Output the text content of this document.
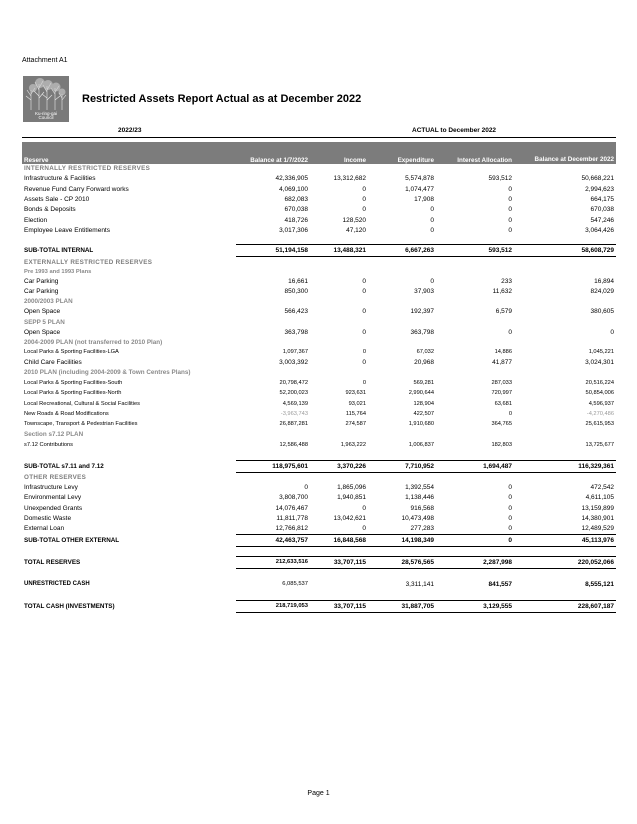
Attachment A1
Ku-ring-gai
Council
Restricted Assets Report Actual as at December 2022
2022/23	ACTUAL to December 2022
Reserve	Balance at 1/7/2022	Income	Expenditure	Interest Allocation	Balance at December 2022
INTERNALLY RESTRICTED RESERVES					
Infrastructure & Facilities	42,336,905	13,312,682	5,574,878	593,512	50,668,221
Revenue Fund Carry Forward works	4,069,100	0	1,074,477	0	2,994,623
Assets Sale - CP 2010	682,083	0	17,908	0	664,175
Bonds & Deposits	670,038	0	0	0	670,038
Election	418,726	128,520	0	0	547,246
Employee Leave Entitlements	3,017,306	47,120	0	0	3,064,426

SUB-TOTAL INTERNAL	51,194,158	13,488,321	6,667,263	593,512	58,608,729
EXTERNALLY RESTRICTED RESERVES					
Pre 1993 and 1993 Plans					
Car Parking	16,661	0	0	233	16,894
Car Parking	850,300	0	37,903	11,632	824,029
2000/2003 PLAN					
Open Space	566,423	0	192,397	6,579	380,605
SEPP 5 PLAN					
Open Space	363,798	0	363,798	0	0
2004-2009 PLAN (not transferred to 2010 Plan)					
Local Parks & Sporting Facilities-LGA	1,097,367	0	67,032	14,886	1,045,221
Child Care Facilities	3,003,392	0	20,968	41,877	3,024,301
2010 PLAN (including 2004-2009 & Town Centres Plans)					
Local Parks & Sporting Facilities-South	20,798,472	0	569,281	287,033	20,516,224
Local Parks & Sporting Facilities-North	52,200,023	923,631	2,990,644	720,997	50,854,006
Local Recreational, Cultural & Social Facilities	4,569,139	93,021	128,904	63,681	4,596,937
New Roads & Road Modifications	-3,963,743	115,764	422,507	0	-4,270,486
Townscape, Transport & Pedestrian Facilities	26,887,281	274,587	1,910,680	364,765	25,615,953
Section s7.12 PLAN					
s7.12 Contributions	12,586,488	1,963,222	1,006,837	182,803	13,725,677

SUB-TOTAL s7.11 and 7.12	118,975,601	3,370,226	7,710,952	1,694,487	116,329,361
OTHER RESERVES					
Infrastructure Levy	0	1,865,096	1,392,554	0	472,542
Environmental Levy	3,808,700	1,940,851	1,138,446	0	4,611,105
Unexpended Grants	14,076,467	0	916,568	0	13,159,899
Domestic Waste	11,811,778	13,042,621	10,473,498	0	14,380,901
External Loan	12,766,812	0	277,283	0	12,489,529
SUB-TOTAL OTHER EXTERNAL	42,463,757	16,848,568	14,198,349	0	45,113,976

TOTAL RESERVES	212,633,516	33,707,115	28,576,565	2,287,998	220,052,066

UNRESTRICTED CASH	6,085,537		3,311,141	841,557	8,555,121

TOTAL CASH (INVESTMENTS)	218,719,053	33,707,115	31,887,705	3,129,555	228,607,187
Page 1
